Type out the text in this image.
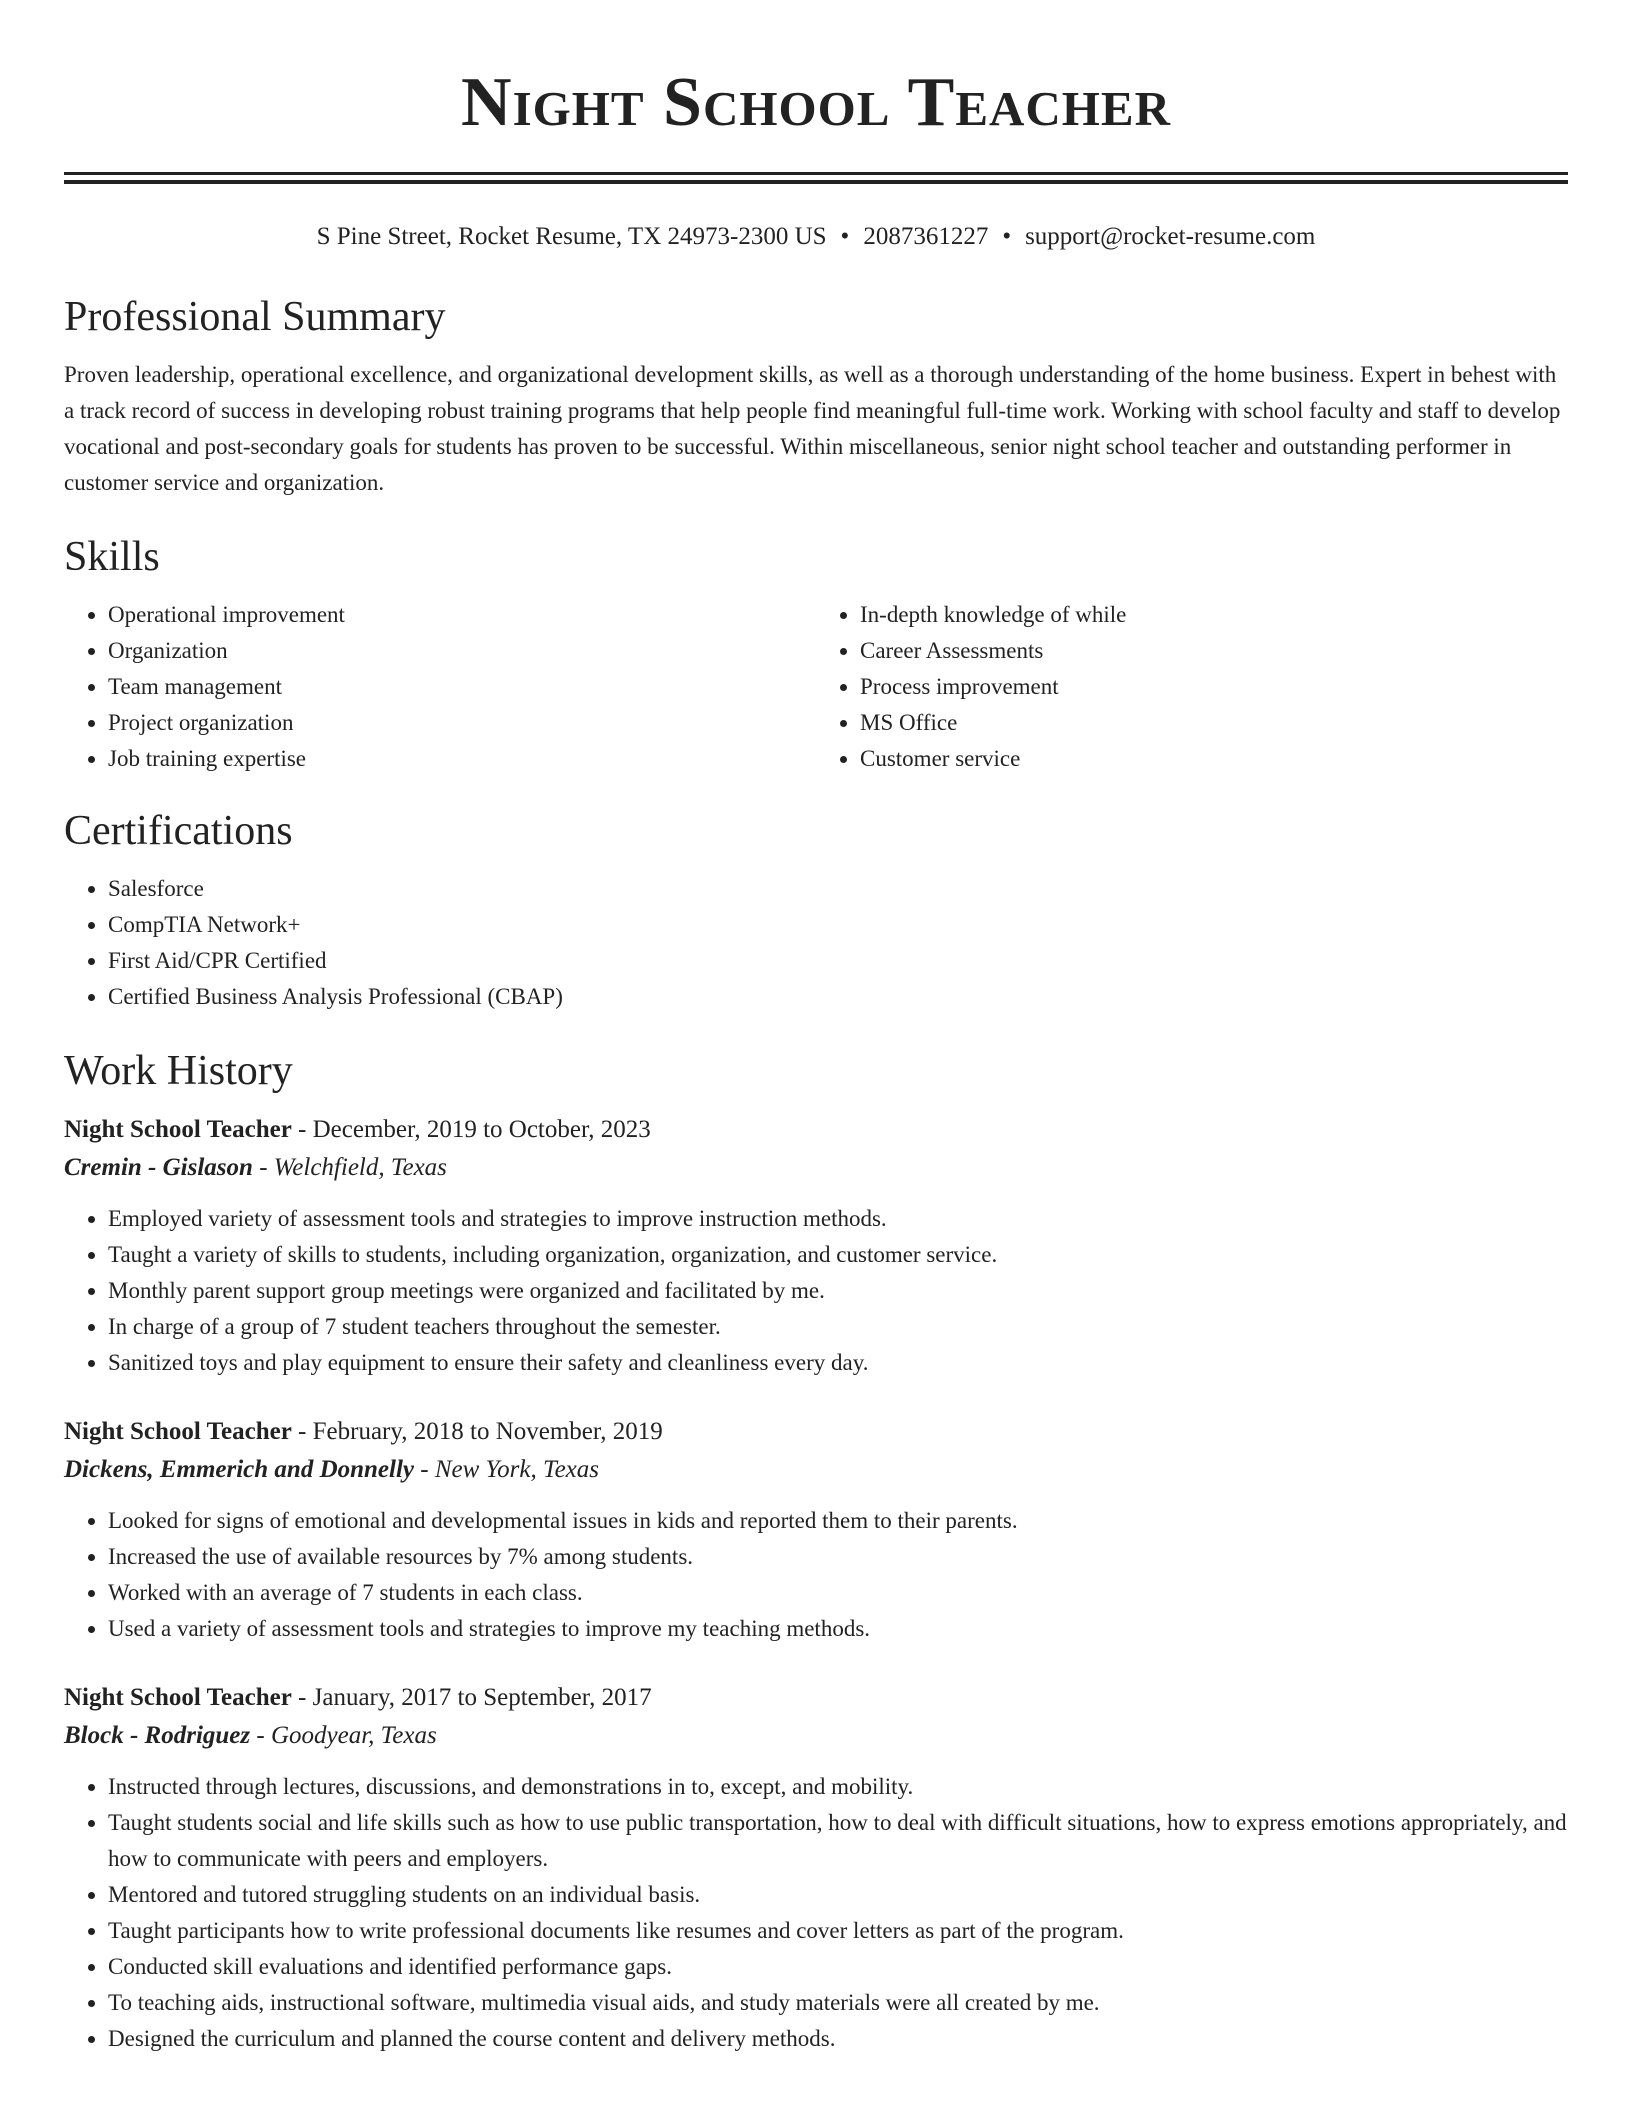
Night School Teacher
S Pine Street, Rocket Resume, TX 24973-2300 US • 2087361227 • support@rocket-resume.com
Professional Summary

Proven leadership, operational excellence, and organizational development skills, as well as a thorough understanding of the home business. Expert in behest with a track record of success in developing robust training programs that help people find meaningful full-time work. Working with school faculty and staff to develop vocational and post-secondary goals for students has proven to be successful. Within miscellaneous, senior night school teacher and outstanding performer in customer service and organization.

Skills
• Operational improvement
• Organization
• Team management
• Project organization
• Job training expertise
• In-depth knowledge of while
• Career Assessments
• Process improvement
• MS Office
• Customer service
Certifications
• Salesforce
• CompTIA Network+
• First Aid/CPR Certified
• Certified Business Analysis Professional (CBAP)
Work History
Night School Teacher - December, 2019 to October, 2023
Cremin - Gislason - Welchfield, Texas
• Employed variety of assessment tools and strategies to improve instruction methods.
• Taught a variety of skills to students, including organization, organization, and customer service.
• Monthly parent support group meetings were organized and facilitated by me.
• In charge of a group of 7 student teachers throughout the semester.
• Sanitized toys and play equipment to ensure their safety and cleanliness every day.
Night School Teacher - February, 2018 to November, 2019
Dickens, Emmerich and Donnelly - New York, Texas
• Looked for signs of emotional and developmental issues in kids and reported them to their parents.
• Increased the use of available resources by 7% among students.
• Worked with an average of 7 students in each class.
• Used a variety of assessment tools and strategies to improve my teaching methods.
Night School Teacher - January, 2017 to September, 2017
Block - Rodriguez - Goodyear, Texas
• Instructed through lectures, discussions, and demonstrations in to, except, and mobility.
• Taught students social and life skills such as how to use public transportation, how to deal with difficult situations, how to express emotions appropriately, and how to communicate with peers and employers.
• Mentored and tutored struggling students on an individual basis.
• Taught participants how to write professional documents like resumes and cover letters as part of the program.
• Conducted skill evaluations and identified performance gaps.
• To teaching aids, instructional software, multimedia visual aids, and study materials were all created by me.
• Designed the curriculum and planned the course content and delivery methods.
